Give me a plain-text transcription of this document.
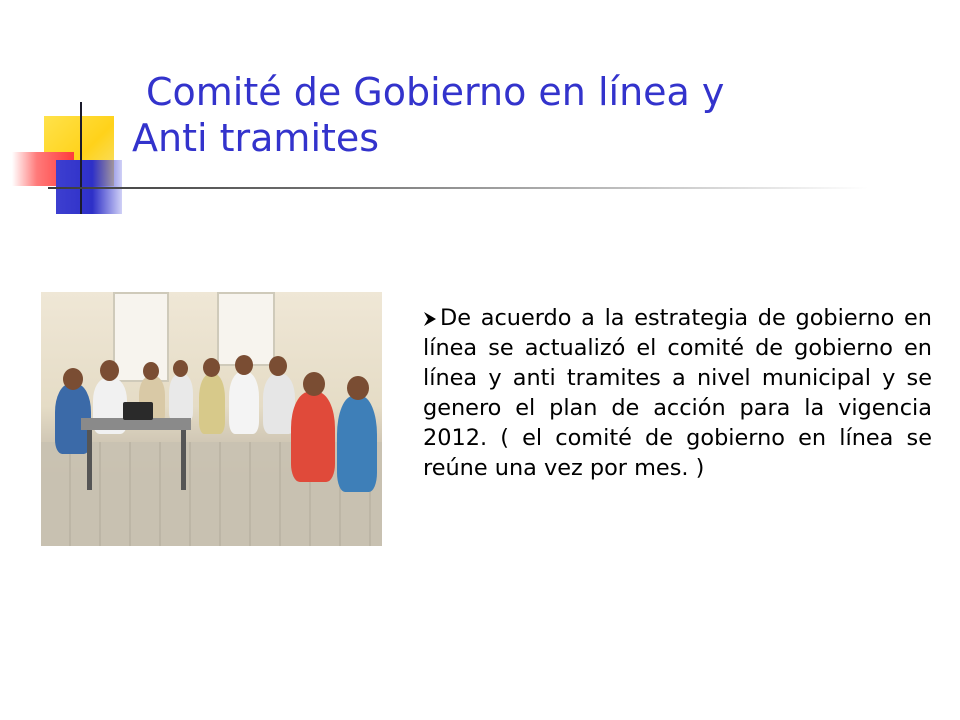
Comité de Gobierno en línea y
Anti tramites

De acuerdo a la estrategia de gobierno en línea se actualizó el comité de gobierno en línea y anti tramites a nivel municipal y se genero el plan de acción para la vigencia 2012. ( el comité de gobierno en línea se reúne una vez por mes. )
